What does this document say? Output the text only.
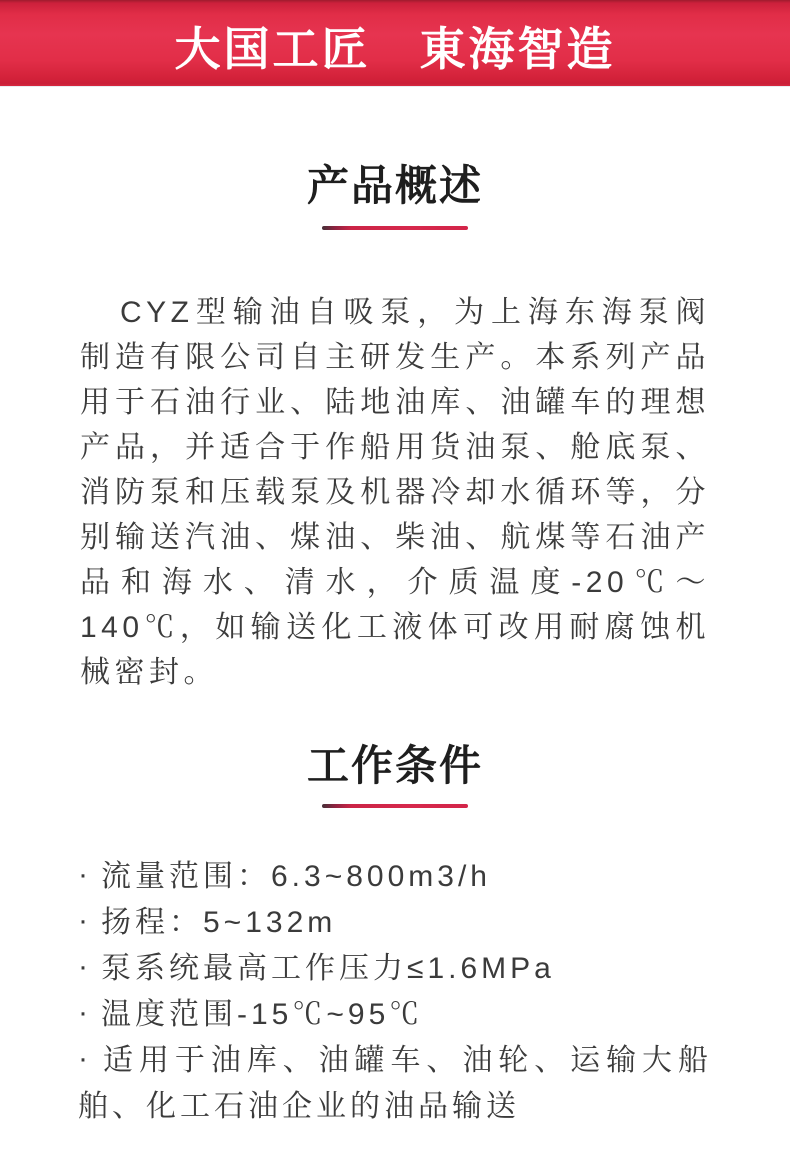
大国工匠　東海智造
产品概述

CYZ型输油自吸泵，为上海东海泵阀制造有限公司自主研发生产。本系列产品用于石油行业、陆地油库、油罐车的理想产品，并适合于作船用货油泵、舱底泵、消防泵和压载泵及机器冷却水循环等，分别输送汽油、煤油、柴油、航煤等石油产品和海水、清水，介质温度-20℃～140℃，如输送化工液体可改用耐腐蚀机械密封。

工作条件
· 流量范围：6.3~800m3/h
· 扬程：5~132m
· 泵系统最高工作压力≤1.6MPa
· 温度范围-15℃~95℃
· 适用于油库、油罐车、油轮、运输大船舶、化工石油企业的油品输送
